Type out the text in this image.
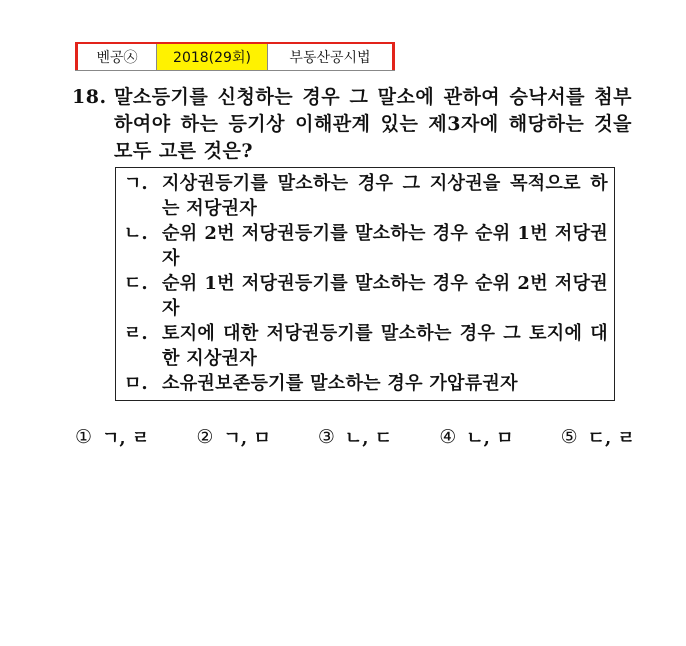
벤공㉦	2018(29회)	부동산공시법
18. 말소등기를 신청하는 경우 그 말소에 관하여 승낙서를 첨부하여야 하는 등기상 이해관계 있는 제3자에 해당하는 것을 모두 고른 것은?
ㄱ. 지상권등기를 말소하는 경우 그 지상권을 목적으로 하는 저당권자
ㄴ. 순위 2번 저당권등기를 말소하는 경우 순위 1번 저당권자
ㄷ. 순위 1번 저당권등기를 말소하는 경우 순위 2번 저당권자
ㄹ. 토지에 대한 저당권등기를 말소하는 경우 그 토지에 대한 지상권자
ㅁ. 소유권보존등기를 말소하는 경우 가압류권자
① ㄱ, ㄹ ② ㄱ, ㅁ ③ ㄴ, ㄷ ④ ㄴ, ㅁ ⑤ ㄷ, ㄹ
